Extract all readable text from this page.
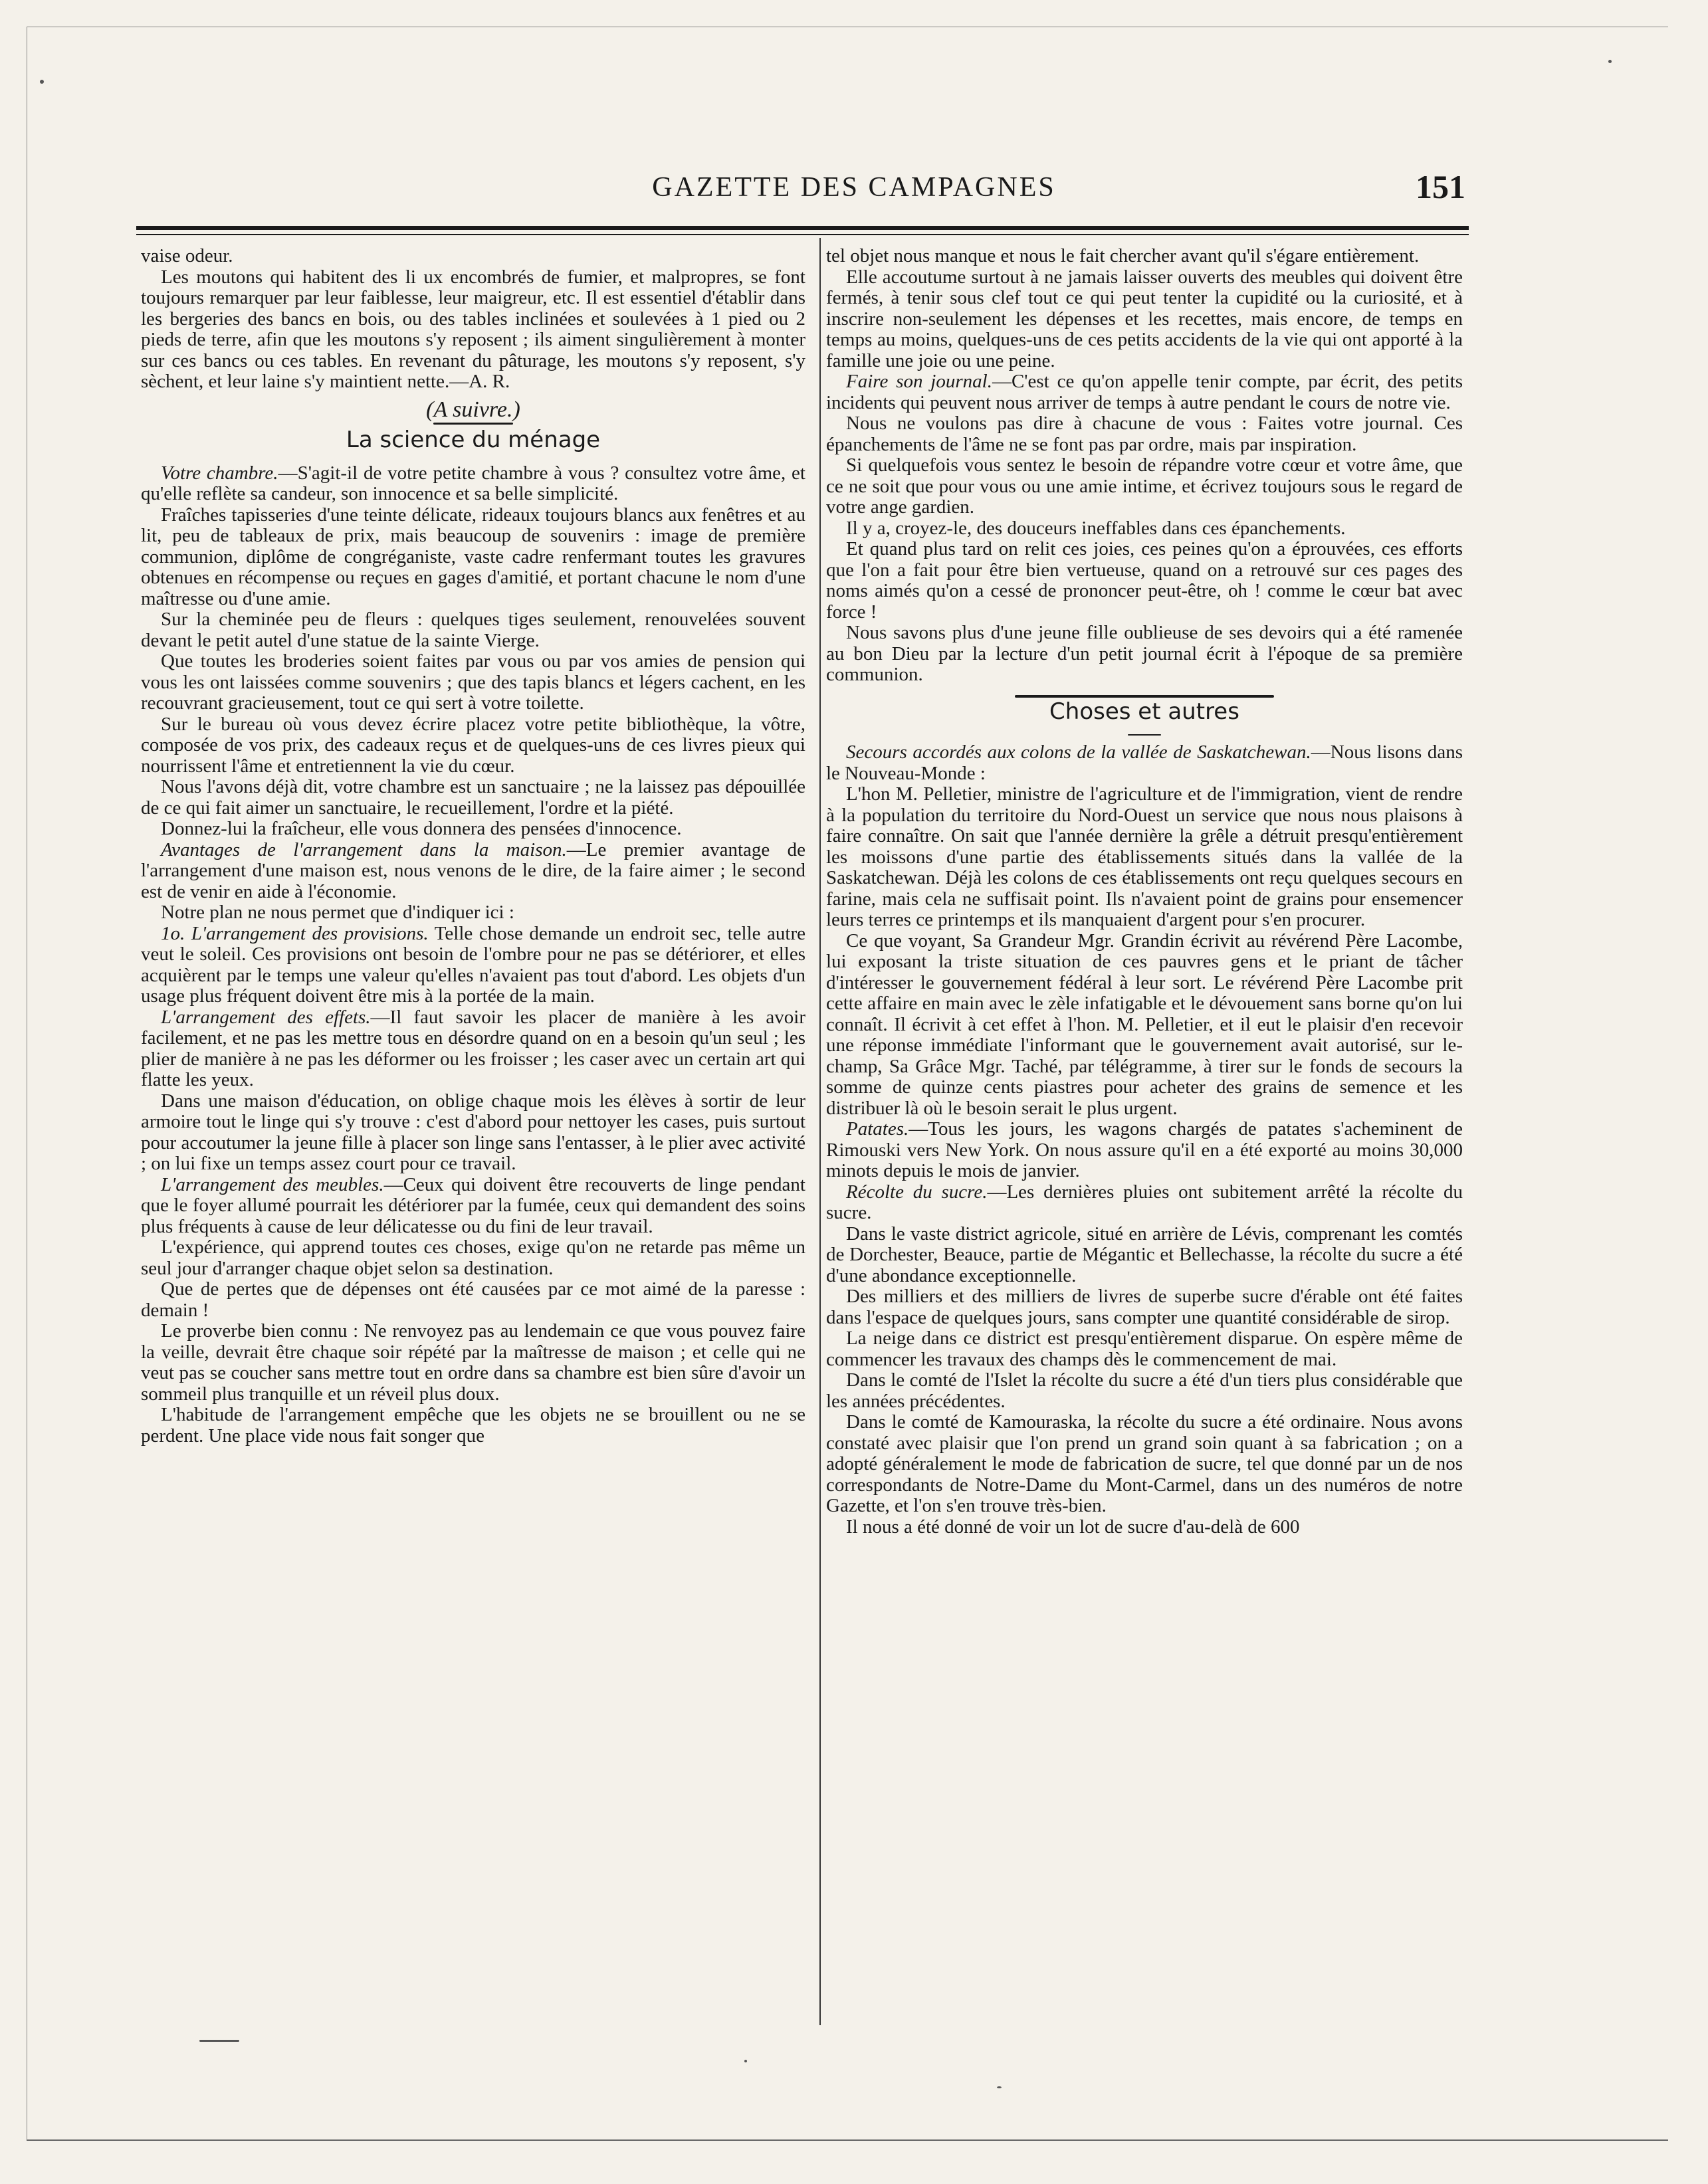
GAZETTE DES CAMPAGNES	151

vaise odeur.

Les moutons qui habitent des li ux encombrés de fumier, et malpropres, se font toujours remarquer par leur faiblesse, leur maigreur, etc. Il est essentiel d'établir dans les bergeries des bancs en bois, ou des tables inclinées et soulevées à 1 pied ou 2 pieds de terre, afin que les moutons s'y reposent ; ils aiment singulièrement à monter sur ces bancs ou ces tables. En revenant du pâturage, les moutons s'y reposent, s'y sèchent, et leur laine s'y maintient nette.—A. R.

(A suivre.)
La science du ménage

Votre chambre.—S'agit-il de votre petite chambre à vous ? consultez votre âme, et qu'elle reflète sa candeur, son innocence et sa belle simplicité.

Fraîches tapisseries d'une teinte délicate, rideaux toujours blancs aux fenêtres et au lit, peu de tableaux de prix, mais beaucoup de souvenirs : image de première communion, diplôme de congréganiste, vaste cadre renfermant toutes les gravures obtenues en récompense ou reçues en gages d'amitié, et portant chacune le nom d'une maîtresse ou d'une amie.

Sur la cheminée peu de fleurs : quelques tiges seulement, renouvelées souvent devant le petit autel d'une statue de la sainte Vierge.

Que toutes les broderies soient faites par vous ou par vos amies de pension qui vous les ont laissées comme souvenirs ; que des tapis blancs et légers cachent, en les recouvrant gracieusement, tout ce qui sert à votre toilette.

Sur le bureau où vous devez écrire placez votre petite bibliothèque, la vôtre, composée de vos prix, des cadeaux reçus et de quelques-uns de ces livres pieux qui nourrissent l'âme et entretiennent la vie du cœur.

Nous l'avons déjà dit, votre chambre est un sanctuaire ; ne la laissez pas dépouillée de ce qui fait aimer un sanctuaire, le recueillement, l'ordre et la piété.

Donnez-lui la fraîcheur, elle vous donnera des pensées d'innocence.

Avantages de l'arrangement dans la maison.—Le premier avantage de l'arrangement d'une maison est, nous venons de le dire, de la faire aimer ; le second est de venir en aide à l'économie.

Notre plan ne nous permet que d'indiquer ici :

1o. L'arrangement des provisions. Telle chose demande un endroit sec, telle autre veut le soleil. Ces provisions ont besoin de l'ombre pour ne pas se détériorer, et elles acquièrent par le temps une valeur qu'elles n'avaient pas tout d'abord. Les objets d'un usage plus fréquent doivent être mis à la portée de la main.

L'arrangement des effets.—Il faut savoir les placer de manière à les avoir facilement, et ne pas les mettre tous en désordre quand on en a besoin qu'un seul ; les plier de manière à ne pas les déformer ou les froisser ; les caser avec un certain art qui flatte les yeux.

Dans une maison d'éducation, on oblige chaque mois les élèves à sortir de leur armoire tout le linge qui s'y trouve : c'est d'abord pour nettoyer les cases, puis surtout pour accoutumer la jeune fille à placer son linge sans l'entasser, à le plier avec activité ; on lui fixe un temps assez court pour ce travail.

L'arrangement des meubles.—Ceux qui doivent être recouverts de linge pendant que le foyer allumé pourrait les détériorer par la fumée, ceux qui demandent des soins plus fréquents à cause de leur délicatesse ou du fini de leur travail.

L'expérience, qui apprend toutes ces choses, exige qu'on ne retarde pas même un seul jour d'arranger chaque objet selon sa destination.

Que de pertes que de dépenses ont été causées par ce mot aimé de la paresse : demain !

Le proverbe bien connu : Ne renvoyez pas au lendemain ce que vous pouvez faire la veille, devrait être chaque soir répété par la maîtresse de maison ; et celle qui ne veut pas se coucher sans mettre tout en ordre dans sa chambre est bien sûre d'avoir un sommeil plus tranquille et un réveil plus doux.

L'habitude de l'arrangement empêche que les objets ne se brouillent ou ne se perdent. Une place vide nous fait songer que

tel objet nous manque et nous le fait chercher avant qu'il s'égare entièrement.

Elle accoutume surtout à ne jamais laisser ouverts des meubles qui doivent être fermés, à tenir sous clef tout ce qui peut tenter la cupidité ou la curiosité, et à inscrire non-seulement les dépenses et les recettes, mais encore, de temps en temps au moins, quelques-uns de ces petits accidents de la vie qui ont apporté à la famille une joie ou une peine.

Faire son journal.—C'est ce qu'on appelle tenir compte, par écrit, des petits incidents qui peuvent nous arriver de temps à autre pendant le cours de notre vie.

Nous ne voulons pas dire à chacune de vous : Faites votre journal. Ces épanchements de l'âme ne se font pas par ordre, mais par inspiration.

Si quelquefois vous sentez le besoin de répandre votre cœur et votre âme, que ce ne soit que pour vous ou une amie intime, et écrivez toujours sous le regard de votre ange gardien.

Il y a, croyez-le, des douceurs ineffables dans ces épanchements.

Et quand plus tard on relit ces joies, ces peines qu'on a éprouvées, ces efforts que l'on a fait pour être bien vertueuse, quand on a retrouvé sur ces pages des noms aimés qu'on a cessé de prononcer peut-être, oh ! comme le cœur bat avec force !

Nous savons plus d'une jeune fille oublieuse de ses devoirs qui a été ramenée au bon Dieu par la lecture d'un petit journal écrit à l'époque de sa première communion.

Choses et autres

Secours accordés aux colons de la vallée de Saskatchewan.—Nous lisons dans le Nouveau-Monde :

L'hon M. Pelletier, ministre de l'agriculture et de l'immigration, vient de rendre à la population du territoire du Nord-Ouest un service que nous nous plaisons à faire connaître. On sait que l'année dernière la grêle a détruit presqu'entièrement les moissons d'une partie des établissements situés dans la vallée de la Saskatchewan. Déjà les colons de ces établissements ont reçu quelques secours en farine, mais cela ne suffisait point. Ils n'avaient point de grains pour ensemencer leurs terres ce printemps et ils manquaient d'argent pour s'en procurer.

Ce que voyant, Sa Grandeur Mgr. Grandin écrivit au révérend Père Lacombe, lui exposant la triste situation de ces pauvres gens et le priant de tâcher d'intéresser le gouvernement fédéral à leur sort. Le révérend Père Lacombe prit cette affaire en main avec le zèle infatigable et le dévouement sans borne qu'on lui connaît. Il écrivit à cet effet à l'hon. M. Pelletier, et il eut le plaisir d'en recevoir une réponse immédiate l'informant que le gouvernement avait autorisé, sur le-champ, Sa Grâce Mgr. Taché, par télégramme, à tirer sur le fonds de secours la somme de quinze cents piastres pour acheter des grains de semence et les distribuer là où le besoin serait le plus urgent.

Patates.—Tous les jours, les wagons chargés de patates s'acheminent de Rimouski vers New York. On nous assure qu'il en a été exporté au moins 30,000 minots depuis le mois de janvier.

Récolte du sucre.—Les dernières pluies ont subitement arrêté la récolte du sucre.

Dans le vaste district agricole, situé en arrière de Lévis, comprenant les comtés de Dorchester, Beauce, partie de Mégantic et Bellechasse, la récolte du sucre a été d'une abondance exceptionnelle.

Des milliers et des milliers de livres de superbe sucre d'érable ont été faites dans l'espace de quelques jours, sans compter une quantité considérable de sirop.

La neige dans ce district est presqu'entièrement disparue. On espère même de commencer les travaux des champs dès le commencement de mai.

Dans le comté de l'Islet la récolte du sucre a été d'un tiers plus considérable que les années précédentes.

Dans le comté de Kamouraska, la récolte du sucre a été ordinaire. Nous avons constaté avec plaisir que l'on prend un grand soin quant à sa fabrication ; on a adopté généralement le mode de fabrication de sucre, tel que donné par un de nos correspondants de Notre-Dame du Mont-Carmel, dans un des numéros de notre Gazette, et l'on s'en trouve très-bien.

Il nous a été donné de voir un lot de sucre d'au-delà de 600
